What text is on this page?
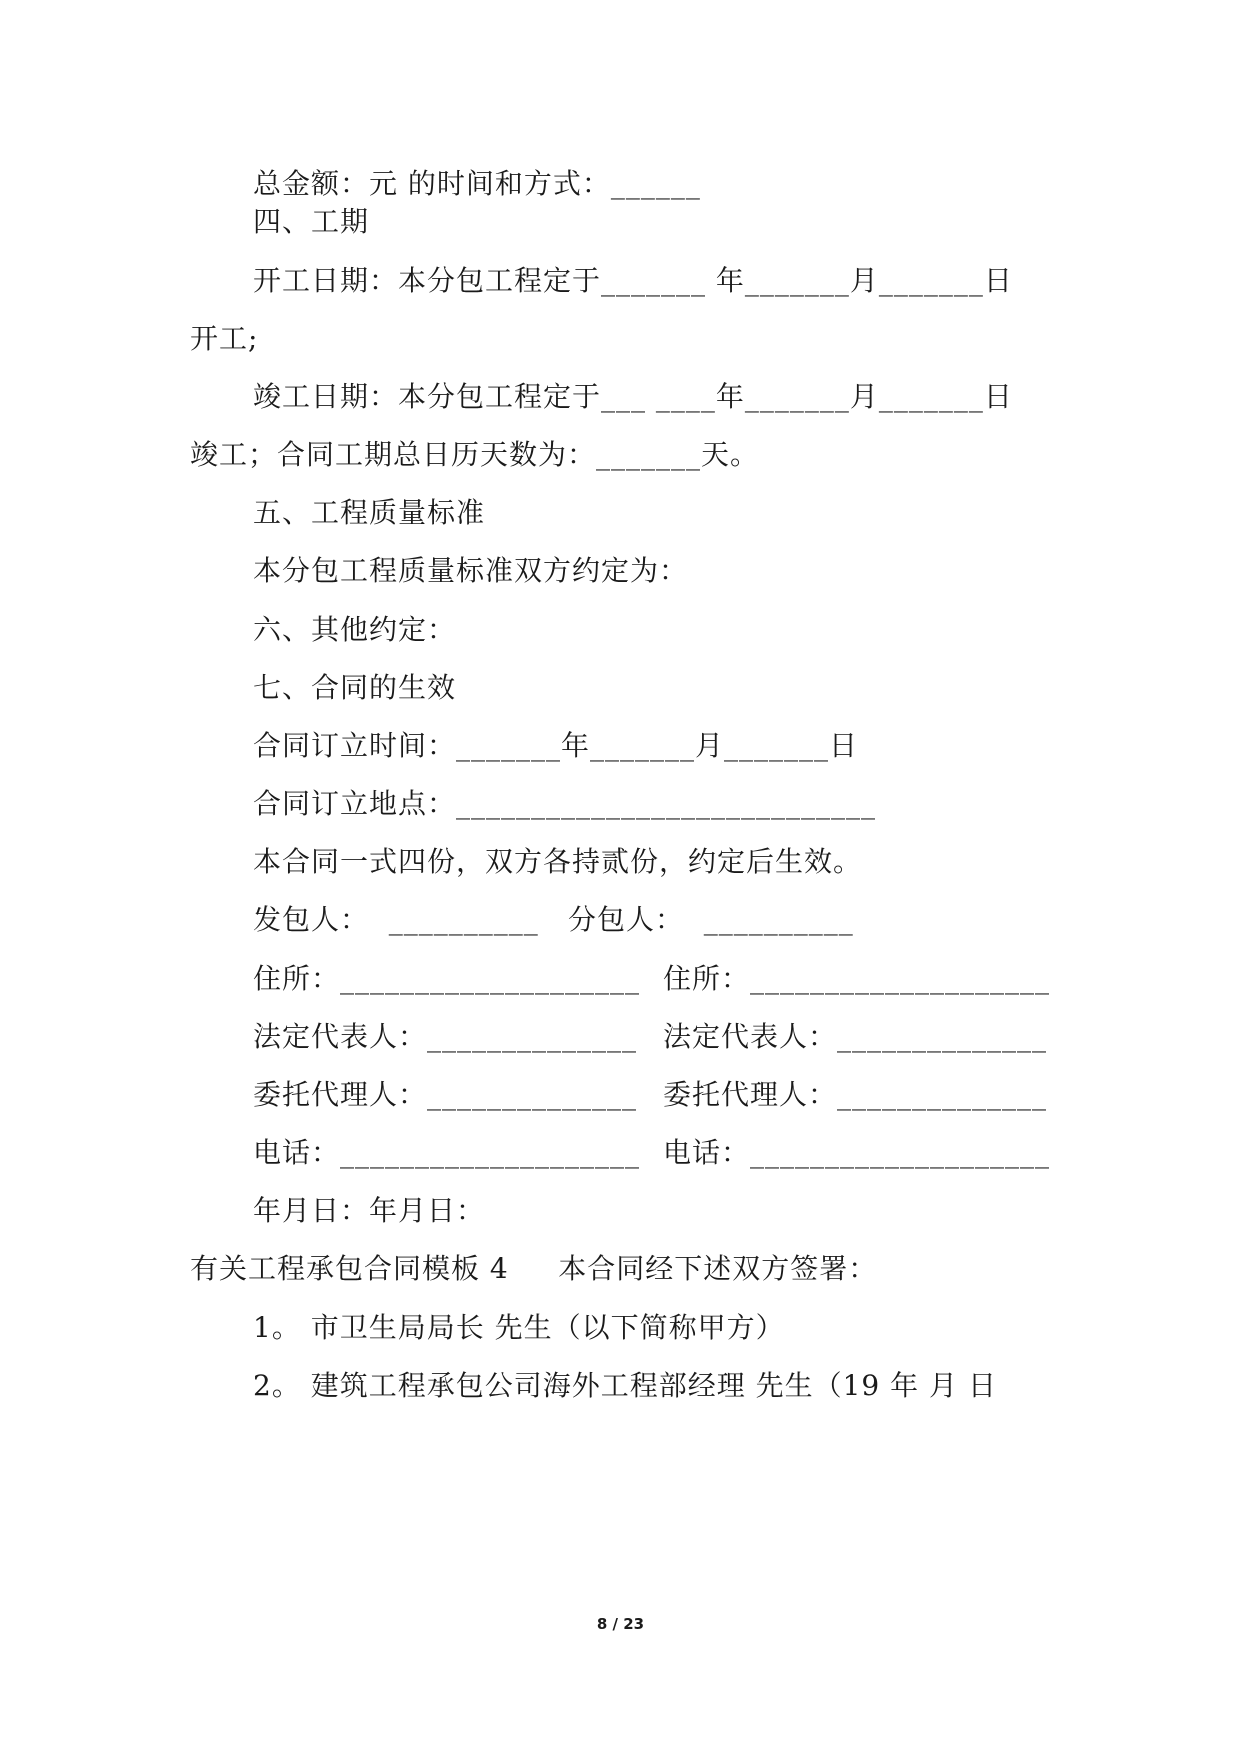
总金额：元 的时间和方式：______
四、工期
开工日期：本分包工程定于_______ 年_______月_______日
开工;
竣工日期：本分包工程定于___ ____年_______月_______日
竣工；合同工期总日历天数为：_______天。
五、工程质量标准
本分包工程质量标准双方约定为：
六、其他约定：
七、合同的生效
合同订立时间：_______年_______月_______日
合同订立地点：____________________________
本合同一式四份，双方各持贰份，约定后生效。
发包人：  __________ 分包人：  __________
住所：____________________ 住所：____________________
法定代表人：______________ 法定代表人：______________
委托代理人：______________ 委托代理人：______________
电话：____________________ 电话：____________________
年月日：年月日：
有关工程承包合同模板 4     本合同经下述双方签署：
1。 市卫生局局长 先生（以下简称甲方）
2。 建筑工程承包公司海外工程部经理 先生（19 年 月 日
8 / 23
